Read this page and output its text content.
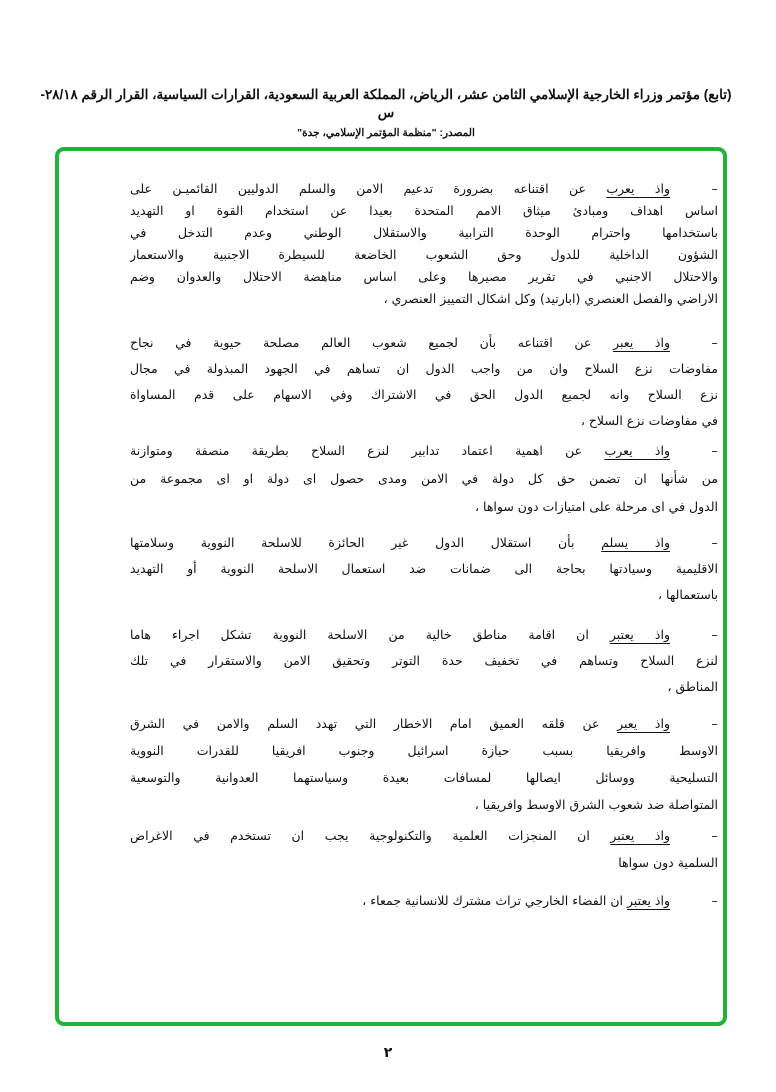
(تابع) مؤتمر وزراء الخارجية الإسلامي الثامن عشر، الرياض، المملكة العربية السعودية، القرارات السياسية، القرار الرقم ٢٨/١٨-س
المصدر: "منظمة المؤتمر الإسلامي، جدة"
–
واذ يعرب عن اقتناعه بضرورة تدعيم الامن والسلم الدوليين القائميـن على
اساس اهداف ومبادئ ميثاق الامم المتحدة بعيدا عن استخدام القوة او التهديد
باستخدامها واحترام الوحدة الترابية والاستقلال الوطني وعدم التدخل في
الشؤون الداخلية للدول وحق الشعوب الخاضعة للسيطرة الاجنبية والاستعمار
والاحتلال الاجنبي في تقرير مصيرها وعلى اساس مناهضة الاحتلال والعدوان وضم
الاراضي والفصل العنصري (ابارتيد) وكل اشكال التمييز العنصري ،
–
واذ يعبر عن اقتناعه بأن لجميع شعوب العالم مصلحة حيوية في نجاح
مفاوضات نزع السلاح وان من واجب الدول ان تساهم في الجهود المبذولة في مجال
نزع السلاح وانه لجميع الدول الحق في الاشتراك وفي الاسهام على قدم المساواة
في مفاوضات نزع السلاح ،
–
واذ يعرب عن اهمية اعتماد تدابير لنزع السلاح بطريقة منصفة ومتوازنة
من شأنها ان تضمن حق كل دولة في الامن ومدى حصول اى دولة او اى مجموعة من
الدول في اى مرحلة على امتيازات دون سواها ،
–
واذ يسلم بأن استقلال الدول غير الحائزة للاسلحة النووية وسلامتها
الاقليمية وسيادتها بحاجة الى ضمانات ضد استعمال الاسلحة النووية أو التهديد
باستعمالها ،
–
واذ يعتبر ان اقامة مناطق خالية من الاسلحة النووية تشكل اجراء هاما
لنزع السلاح وتساهم في تخفيف حدة التوتر وتحقيق الامن والاستقرار في تلك
المناطق ،
–
واذ يعبر عن قلقه العميق امام الاخطار التي تهدد السلم والامن في الشرق
الاوسط وافريقيا بسبب حيازة اسرائيل وجنوب افريقيا للقدرات النووية
التسليحية ووسائل ايصالها لمسافات بعيدة وسياستهما العدوانية والتوسعية
المتواصلة ضد شعوب الشرق الاوسط وافريقيا ،
–
واذ يعتبر ان المنجزات العلمية والتكنولوجية يجب ان تستخدم في الاغراض
السلمية دون سواها
–
واذ يعتبر ان الفضاء الخارجي تراث مشترك للانسانية جمعاء ،
٢
